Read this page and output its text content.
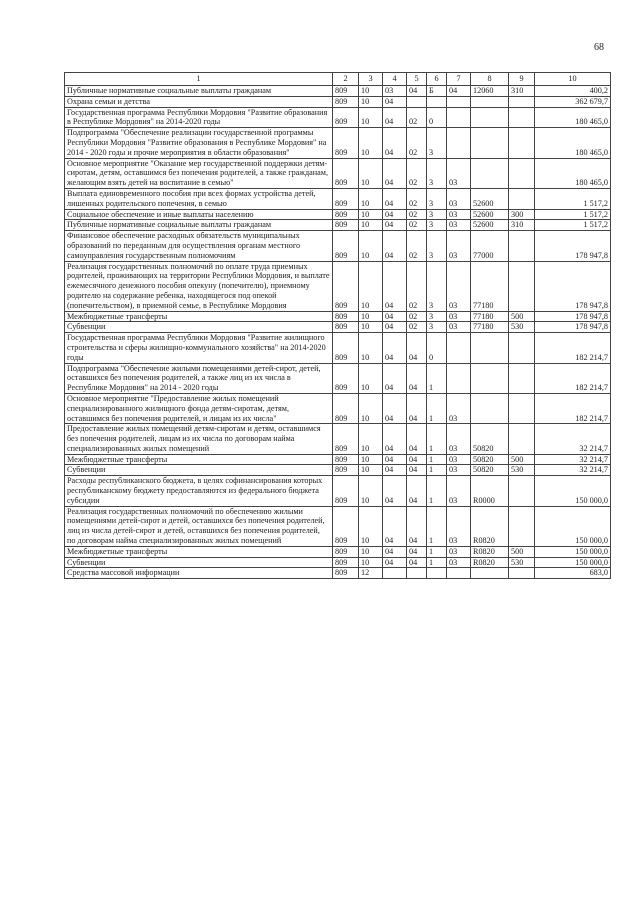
68
1	2	3	4	5	6	7	8	9	10
Публичные нормативные социальные выплаты гражданам	809	10	03	04	Б	04	12060	310	400,2
Охрана семьи и детства	809	10	04						362 679,7
Государственная программа Республики Мордовия "Развитие образования в Республике Мордовия" на 2014-2020 годы	809	10	04	02	0				180 465,0
Подпрограмма "Обеспечение реализации государственной программы Республики Мордовия "Развитие образования в Республике Мордовия" на 2014 - 2020 годы и прочие мероприятия в области образования"	809	10	04	02	3				180 465,0
Основное мероприятие "Оказание мер государственной поддержки детям-сиротам, детям, оставшимся без попечения родителей, а также гражданам, желающим взять детей на воспитание в семью"	809	10	04	02	3	03			180 465,0
Выплата единовременного пособия при всех формах устройства детей, лишенных родительского попечения, в семью	809	10	04	02	3	03	52600		1 517,2
Социальное обеспечение и иные выплаты населению	809	10	04	02	3	03	52600	300	1 517,2
Публичные нормативные социальные выплаты гражданам	809	10	04	02	3	03	52600	310	1 517,2
Финансовое обеспечение расходных обязательств муниципальных образований по переданным для осуществления органам местного самоуправления государственным полномочиям	809	10	04	02	3	03	77000		178 947,8
Реализация государственных полномочий по оплате труда приемных родителей, проживающих на территории Республики Мордовия, и выплате ежемесячного денежного пособия опекуну (попечителю), приемному родителю на содержание ребенка, находящегося под опекой (попечительством), в приемной семье, в Республике Мордовия	809	10	04	02	3	03	77180		178 947,8
Межбюджетные трансферты	809	10	04	02	3	03	77180	500	178 947,8
Субвенции	809	10	04	02	3	03	77180	530	178 947,8
Государственная программа Республики Мордовия "Развитие жилищного строительства и сферы жилищно-коммунального хозяйства" на 2014-2020 годы	809	10	04	04	0				182 214,7
Подпрограмма "Обеспечение жилыми помещениями детей-сирот, детей, оставшихся без попечения родителей, а также лиц из их числа в Республике Мордовия" на 2014 - 2020 годы	809	10	04	04	1				182 214,7
Основное мероприятие "Предоставление жилых помещений специализированного жилищного фонда детям-сиротам, детям, оставшимся без попечения родителей, и лицам из их числа"	809	10	04	04	1	03			182 214,7
Предоставление жилых помещений детям-сиротам и детям, оставшимся без попечения родителей, лицам из их числа по договорам найма специализированных жилых помещений	809	10	04	04	1	03	50820		32 214,7
Межбюджетные трансферты	809	10	04	04	1	03	50820	500	32 214,7
Субвенции	809	10	04	04	1	03	50820	530	32 214,7
Расходы республиканского бюджета, в целях софинансирования которых республиканскому бюджету предоставляются из федерального бюджета субсидии	809	10	04	04	1	03	R0000		150 000,0
Реализация государственных полномочий по обеспечению жилыми помещениями детей-сирот и детей, оставшихся без попечения родителей, лиц из числа детей-сирот и детей, оставшихся без попечения родителей, по договорам найма специализированных жилых помещений	809	10	04	04	1	03	R0820		150 000,0
Межбюджетные трансферты	809	10	04	04	1	03	R0820	500	150 000,0
Субвенции	809	10	04	04	1	03	R0820	530	150 000,0
Средства массовой информации	809	12							683,0
